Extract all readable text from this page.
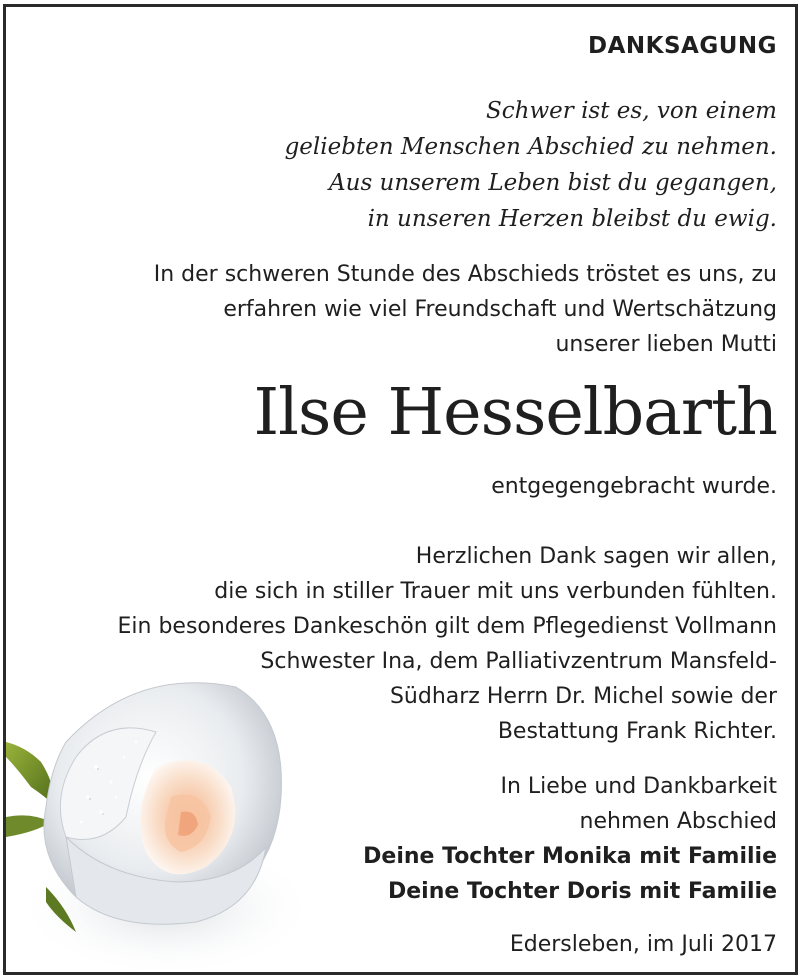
DANKSAGUNG
Schwer ist es, von einem
geliebten Menschen Abschied zu nehmen.
Aus unserem Leben bist du gegangen,
in unseren Herzen bleibst du ewig.
In der schweren Stunde des Abschieds tröstet es uns, zu
erfahren wie viel Freundschaft und Wertschätzung
unserer lieben Mutti
Ilse Hesselbarth
entgegengebracht wurde.
Herzlichen Dank sagen wir allen,
die sich in stiller Trauer mit uns verbunden fühlten.
Ein besonderes Dankeschön gilt dem Pflegedienst Vollmann
Schwester Ina, dem Palliativzentrum Mansfeld-
Südharz Herrn Dr. Michel sowie der
Bestattung Frank Richter.
In Liebe und Dankbarkeit
nehmen Abschied
Deine Tochter Monika mit Familie
Deine Tochter Doris mit Familie
Edersleben, im Juli 2017
